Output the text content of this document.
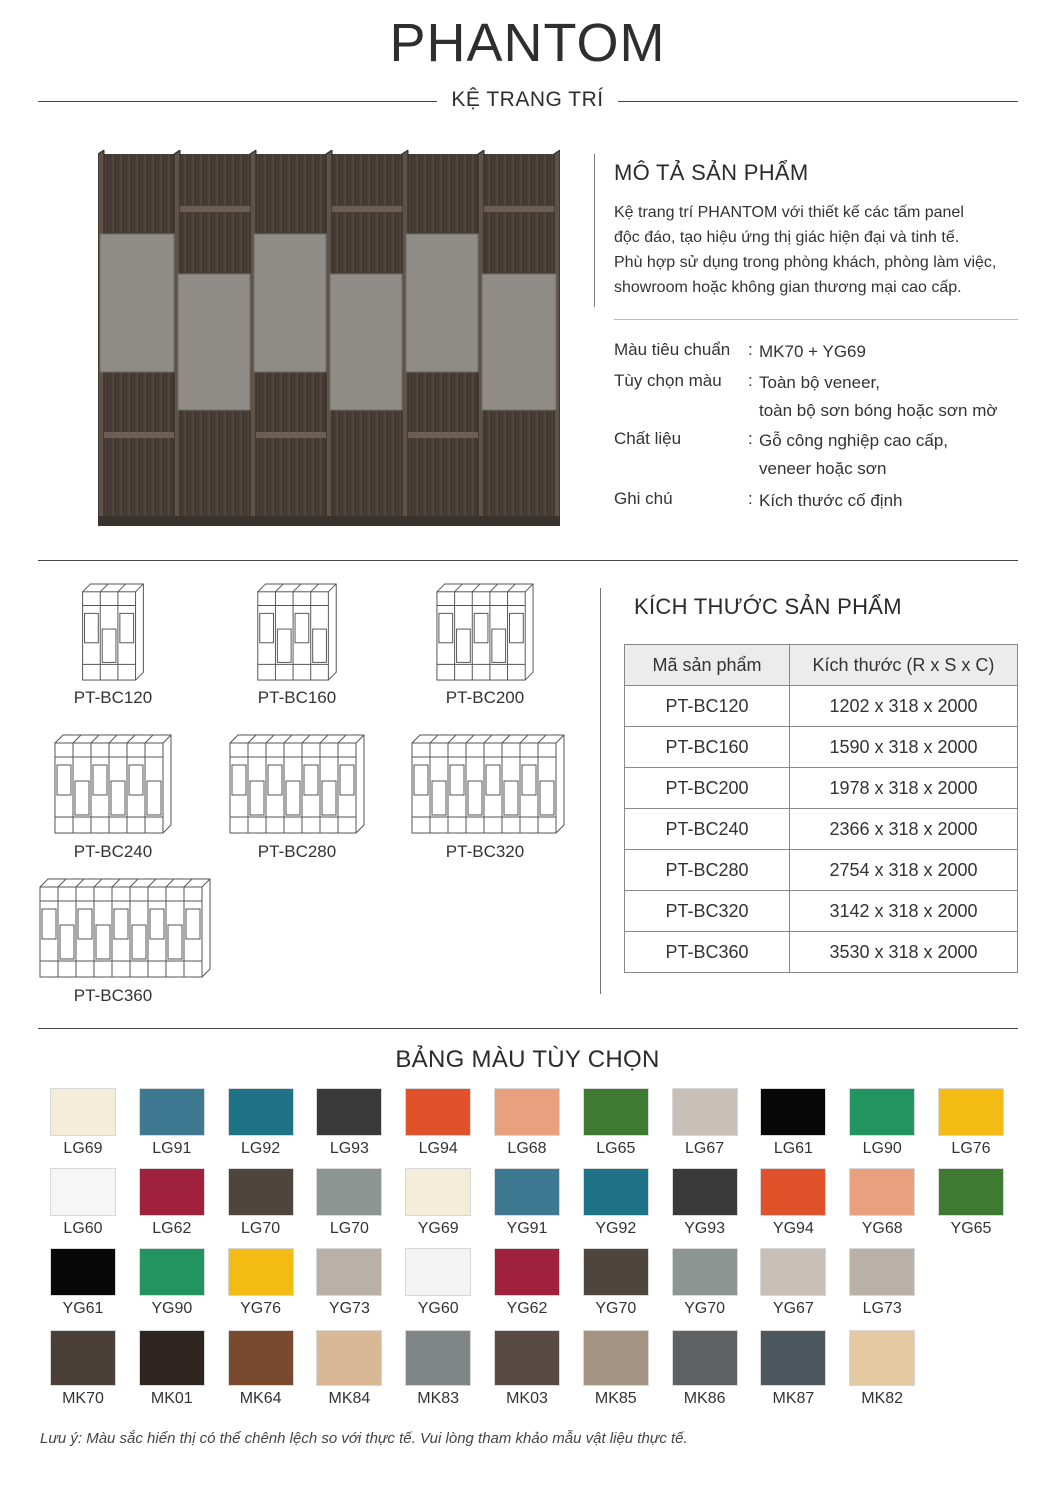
PHANTOM
KỆ TRANG TRÍ
MÔ TẢ SẢN PHẨM
Kệ trang trí PHANTOM với thiết kế các tấm panel
độc đáo, tạo hiệu ứng thị giác hiện đại và tinh tế.
Phù hợp sử dụng trong phòng khách, phòng làm việc,
showroom hoặc không gian thương mại cao cấp.
Màu tiêu chuẩn : MK70 + YG69
Tùy chọn màu : Toàn bộ veneer,
toàn bộ sơn bóng hoặc sơn mờ
Chất liệu	: Gỗ công nghiệp cao cấp,
veneer hoặc sơn
Ghi chú	: Kích thước cố định
PT-BC120	PT-BC160	PT-BC200
PT-BC240	PT-BC280	PT-BC320
PT-BC360
KÍCH THƯỚC SẢN PHẨM
Mã sản phẩm	Kích thước (R x S x C)
PT-BC120	1202 x 318 x 2000
PT-BC160	1590 x 318 x 2000
PT-BC200	1978 x 318 x 2000
PT-BC240	2366 x 318 x 2000
PT-BC280	2754 x 318 x 2000
PT-BC320	3142 x 318 x 2000
PT-BC360	3530 x 318 x 2000
BẢNG MÀU TÙY CHỌN
LG69	LG91	LG92	LG93	LG94	LG68	LG65	LG67	LG61	LG90	LG76
LG60	LG62	LG70	LG70	YG69	YG91	YG92	YG93	YG94	YG68	YG65
YG61	YG90	YG76	YG73	YG60	YG62	YG70	YG70	YG67	LG73
MK70	MK01	MK64	MK84	MK83	MK03	MK85	MK86	MK87	MK82
Lưu ý: Màu sắc hiển thị có thể chênh lệch so với thực tế. Vui lòng tham khảo mẫu vật liệu thực tế.
